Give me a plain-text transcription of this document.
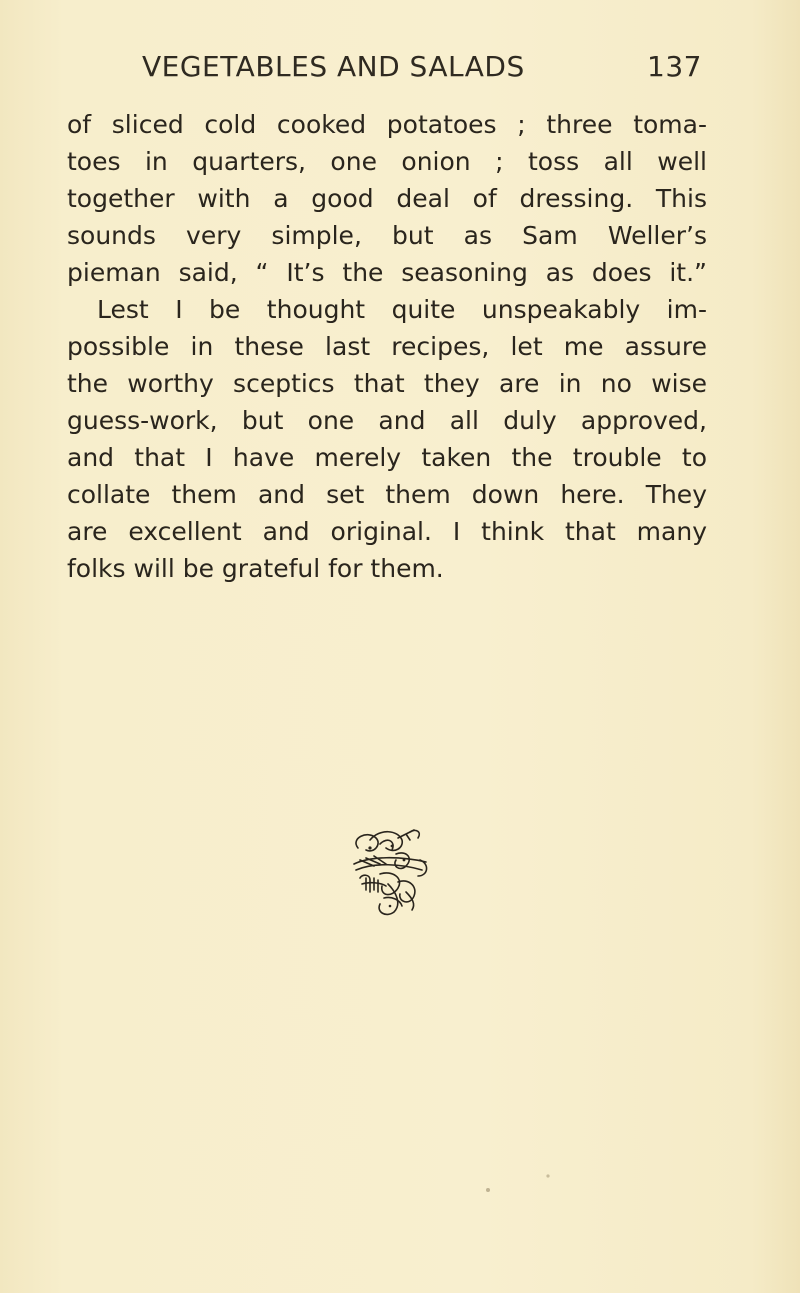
VEGETABLES AND SALADS	137
of sliced cold cooked potatoes ; three toma-
toes in quarters, one onion ; toss all well
together with a good deal of dressing. This
sounds very simple, but as Sam Weller’s
pieman said, “ It’s the seasoning as does it.”
Lest I be thought quite unspeakably im-
possible in these last recipes, let me assure
the worthy sceptics that they are in no wise
guess-work, but one and all duly approved,
and that I have merely taken the trouble to
collate them and set them down here. They
are excellent and original. I think that many
folks will be grateful for them.
